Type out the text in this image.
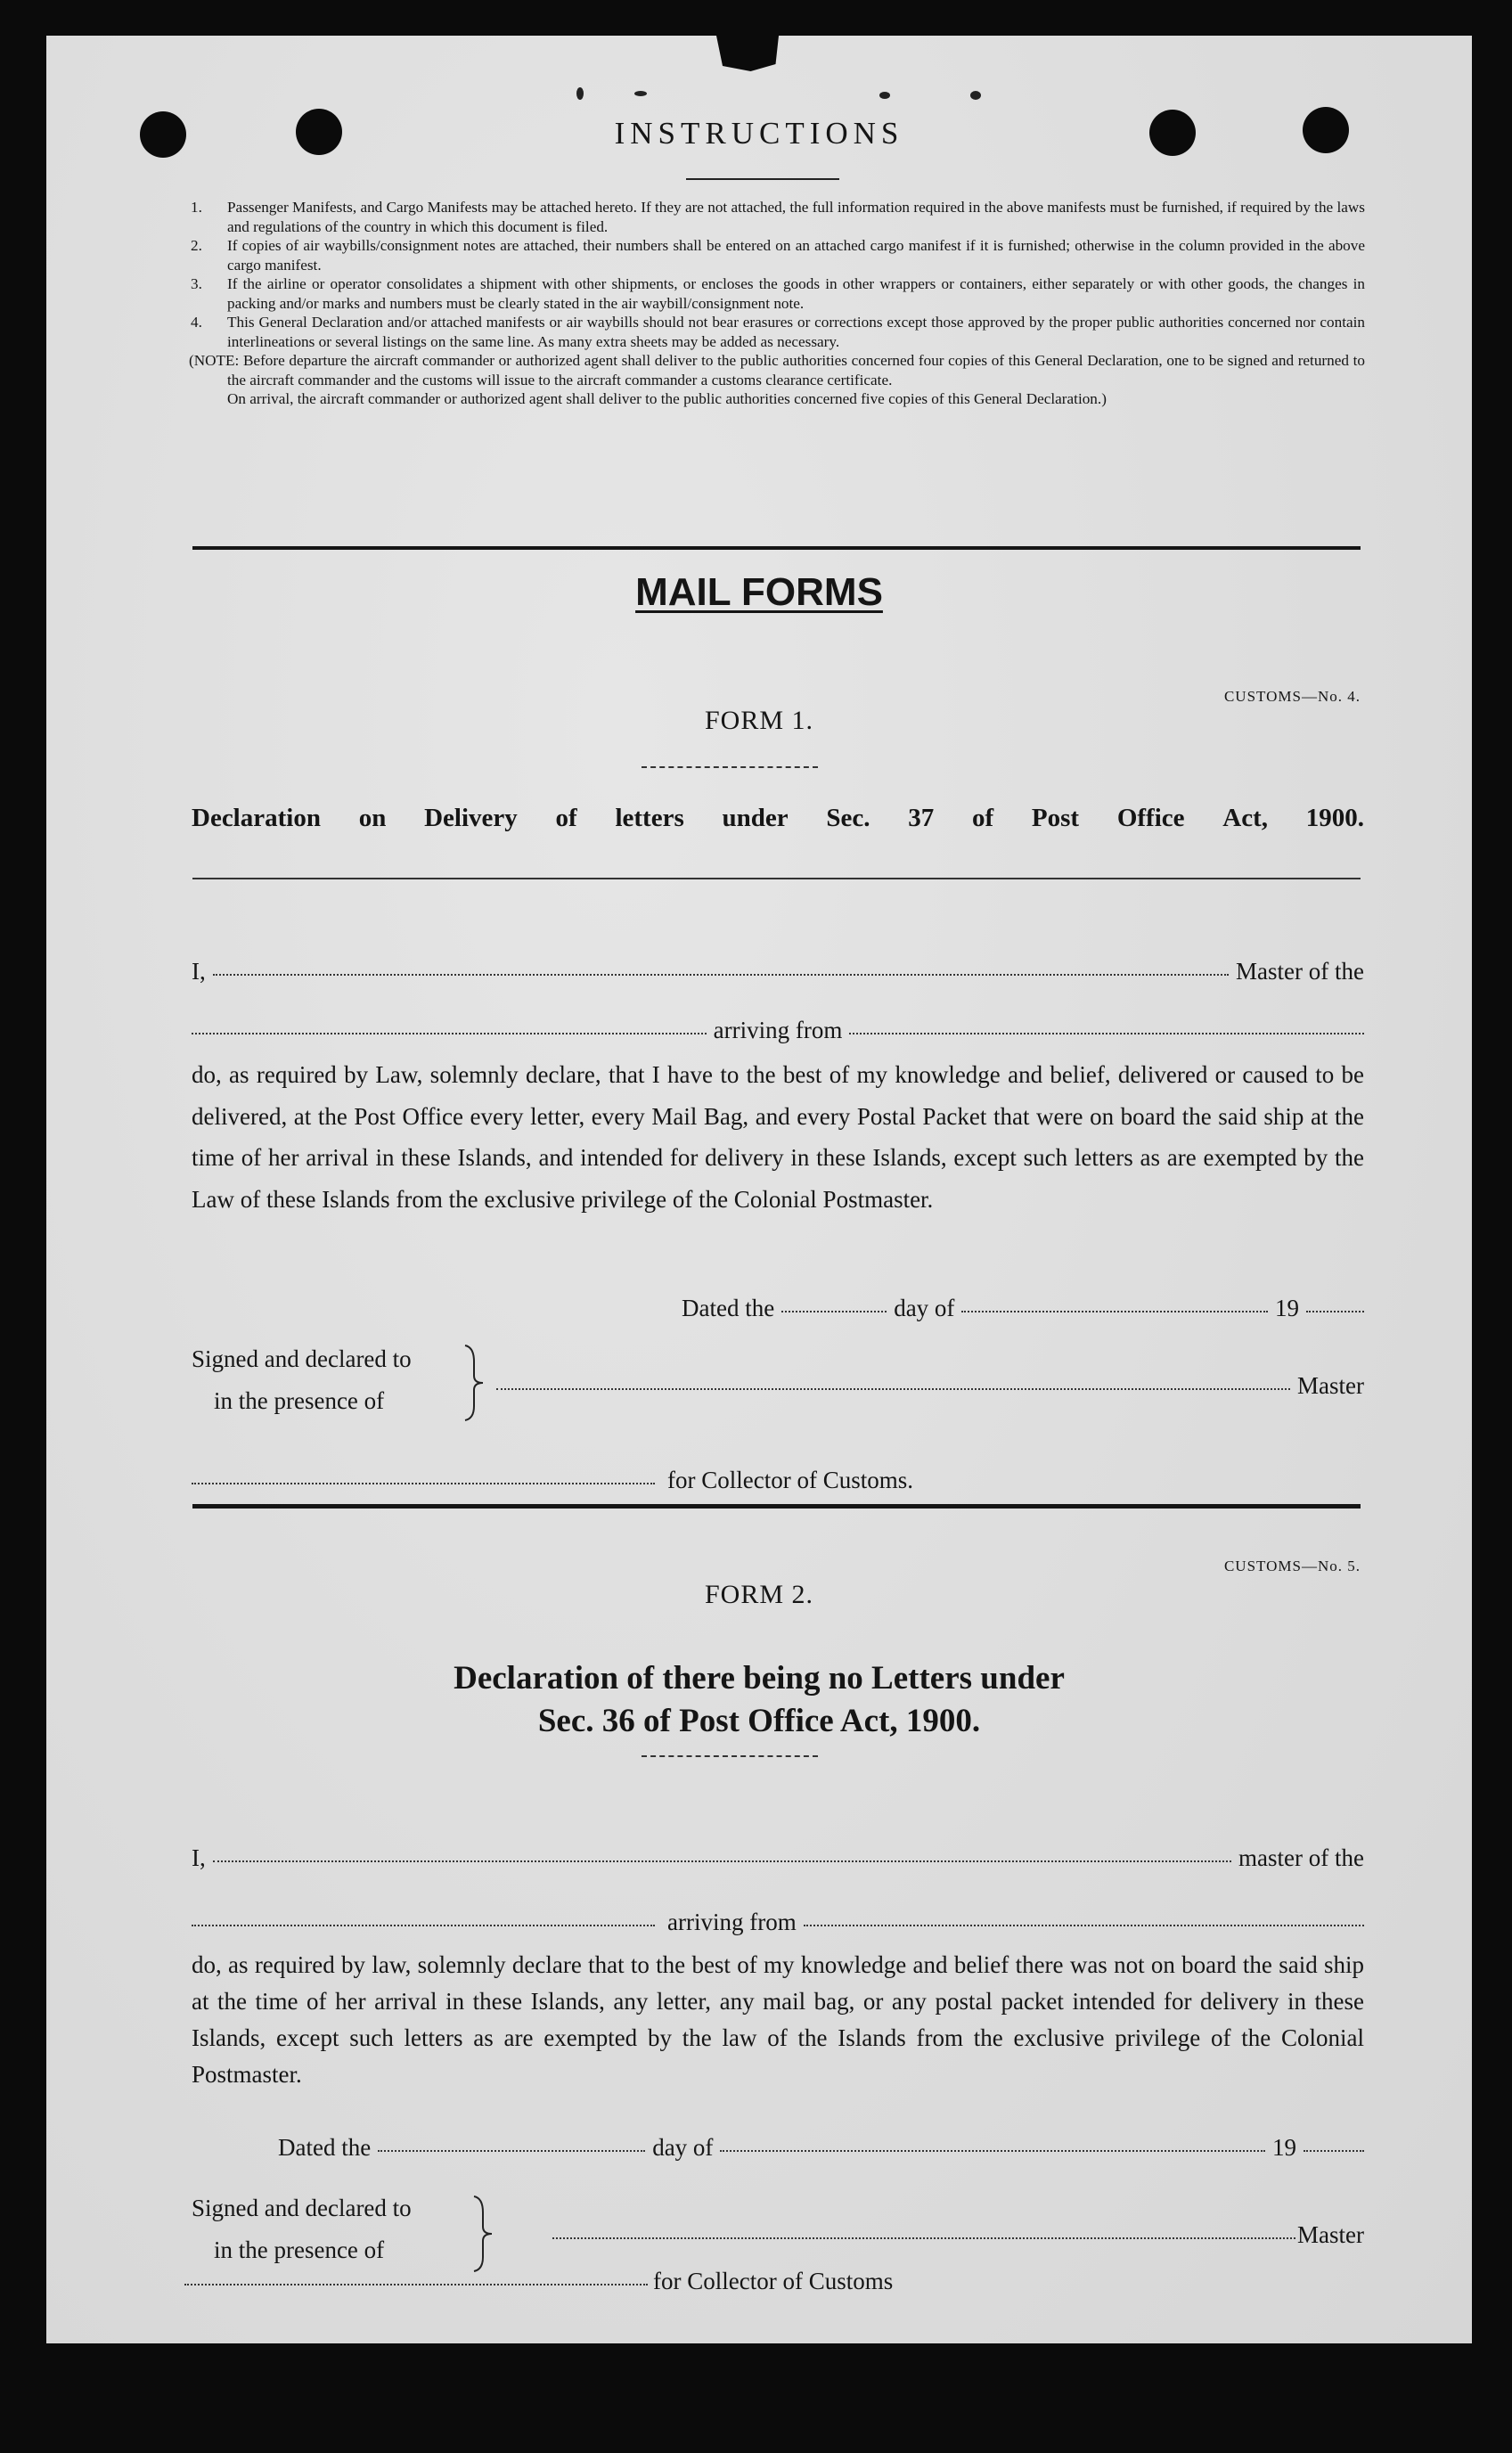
INSTRUCTIONS
1. Passenger Manifests, and Cargo Manifests may be attached hereto. If they are not attached, the full information required in the above manifests must be furnished, if required by the laws and regulations of the country in which this document is filed.
2. If copies of air waybills/consignment notes are attached, their numbers shall be entered on an attached cargo manifest if it is furnished; otherwise in the column provided in the above cargo manifest.
3. If the airline or operator consolidates a shipment with other shipments, or encloses the goods in other wrappers or containers, either separately or with other goods, the changes in packing and/or marks and numbers must be clearly stated in the air waybill/consignment note.
4. This General Declaration and/or attached manifests or air waybills should not bear erasures or corrections except those approved by the proper public authorities concerned nor contain interlineations or several listings on the same line. As many extra sheets may be added as necessary.
(NOTE: Before departure the aircraft commander or authorized agent shall deliver to the public authorities concerned four copies of this General Declaration, one to be signed and returned to the aircraft commander and the customs will issue to the aircraft commander a customs clearance certificate.
On arrival, the aircraft commander or authorized agent shall deliver to the public authorities concerned five copies of this General Declaration.)
MAIL FORMS
CUSTOMS—No. 4.
FORM 1.
Declaration on Delivery of letters under Sec. 37 of Post Office Act, 1900.
I,	Master of the
arriving from
do, as required by Law, solemnly declare, that I have to the best of my knowledge and belief, delivered or caused to be delivered, at the Post Office every letter, every Mail Bag, and every Postal Packet that were on board the said ship at the time of her arrival in these Islands, and intended for delivery in these Islands, except such letters as are exempted by the Law of these Islands from the exclusive privilege of the Colonial Postmaster.
Dated the	day of	19
Signed and declared to
in the presence of
Master
for Collector of Customs.
CUSTOMS—No. 5.
FORM 2.
Declaration of there being no Letters under
Sec. 36 of Post Office Act, 1900.
I,	master of the
arriving from
do, as required by law, solemnly declare that to the best of my knowledge and belief there was not on board the said ship at the time of her arrival in these Islands, any letter, any mail bag, or any postal packet intended for delivery in these Islands, except such letters as are exempted by the law of the Islands from the exclusive privilege of the Colonial Postmaster.
Dated the	day of	19
Signed and declared to
in the presence of
Master
for Collector of Customs
